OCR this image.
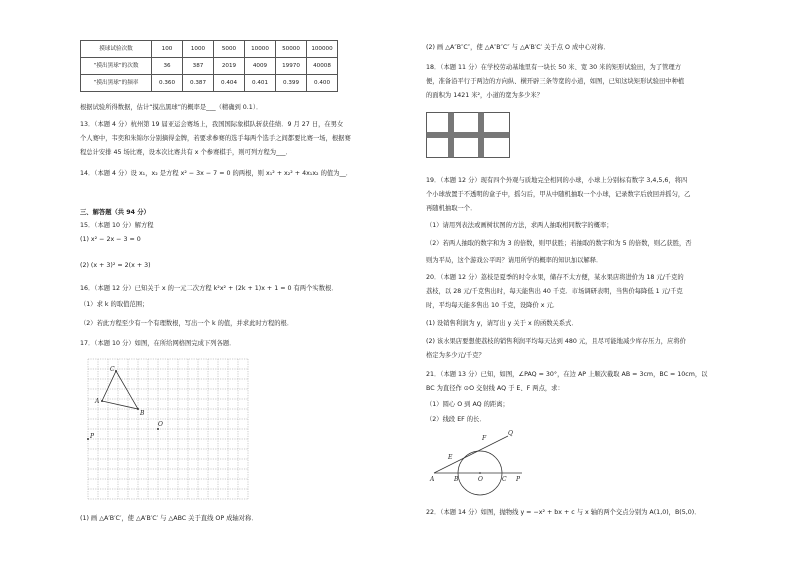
摸球试验次数	100	1000	5000	10000	50000	100000
“摸出黑球”的次数	36	387	2019	4009	19970	40008
“摸出黑球”的频率	0.360	0.387	0.404	0.401	0.399	0.400
根据试验所得数据，估计“摸出黑球”的概率是___（精确到 0.1）．
13．（本题 4 分）杭州第 19 届亚运会赛场上，我国国际象棋队斩获佳绩．9 月 27 日，在男女
个人赛中，韦奕和朱锦尔分别摘得金牌，若要求参赛的选手每两个选手之间都要比赛一场，根据赛
程总计安排 45 场比赛，设本次比赛共有 x 个参赛棋手，则可列方程为___．
14．（本题 4 分）设 x₁，x₂ 是方程 x² − 3x − 7 = 0 的两根，则 x₁² + x₂² + 4x₁x₂ 的值为__．
三、解答题（共 94 分）
15．（本题 10 分）解方程
(1) x² − 2x − 3 = 0
(2) (x + 3)² = 2(x + 3)
16．（本题 12 分）已知关于 x 的一元二次方程 k²x² + (2k + 1)x + 1 = 0 有两个实数根．
（1）求 k 的取值范围；
（2）若此方程至少有一个有理数根，写出一个 k 的值，并求此时方程的根．
17．（本题 10 分）如图，在所给网格图完成下列各题．
(1) 画 △A′B′C′，使 △A′B′C′ 与 △ABC 关于直线 OP 成轴对称．
C
A
B
O
P
(2) 画 △A″B″C″，使 △A″B″C″ 与 △A′B′C′ 关于点 O 成中心对称．
18．（本题 11 分）在学校劳动基地里有一块长 50 米、宽 30 米的矩形试验田，为了管理方
便，准备沿平行于两边的方向纵、横开辟三条等宽的小道，如图，已知这块矩形试验田中种植
的面积为 1421 米²，小道的宽为多少米？
19．（本题 12 分）现有四个外观与质地完全相同的小球，小球上分别标有数字 3,4,5,6，将四
个小球放置于不透明的盒子中，摇匀后，甲从中随机抽取一个小球，记录数字后放回并摇匀，乙
再随机抽取一个．
（1）请用列表法或画树状图的方法，求两人抽取相同数字的概率；
（2）若两人抽取的数字和为 3 的倍数，则甲获胜；若抽取的数字和为 5 的倍数，则乙获胜，否
则为平局，这个游戏公平吗？请用所学的概率的知识加以解释．
20．（本题 12 分）荔枝是夏季的时令水果，储存不太方便，某水果店将进价为 18 元/千克的
荔枝，以 28 元/千克售出时，每天能售出 40 千克．市场调研表明，当售价每降低 1 元/千克
时，平均每天能多售出 10 千克，设降价 x 元．
(1) 设销售利润为 y，请写出 y 关于 x 的函数关系式．
(2) 该水果店要想使荔枝的销售利润平均每天达到 480 元，且尽可能地减少库存压力，应将价
格定为多少元/千克？
21．（本题 13 分）已知，如图，∠PAQ = 30°，在边 AP 上顺次截取 AB = 3cm，BC = 10cm，以
BC 为直径作 ⊙O 交射线 AQ 于 E、F 两点，求：
（1）圆心 O 到 AQ 的距离；
（2）线段 EF 的长．
A	B	O	C P
E
F
Q
22．（本题 14 分）如图，抛物线 y = −x² + bx + c 与 x 轴的两个交点分别为 A(1,0)，B(5,0)．
